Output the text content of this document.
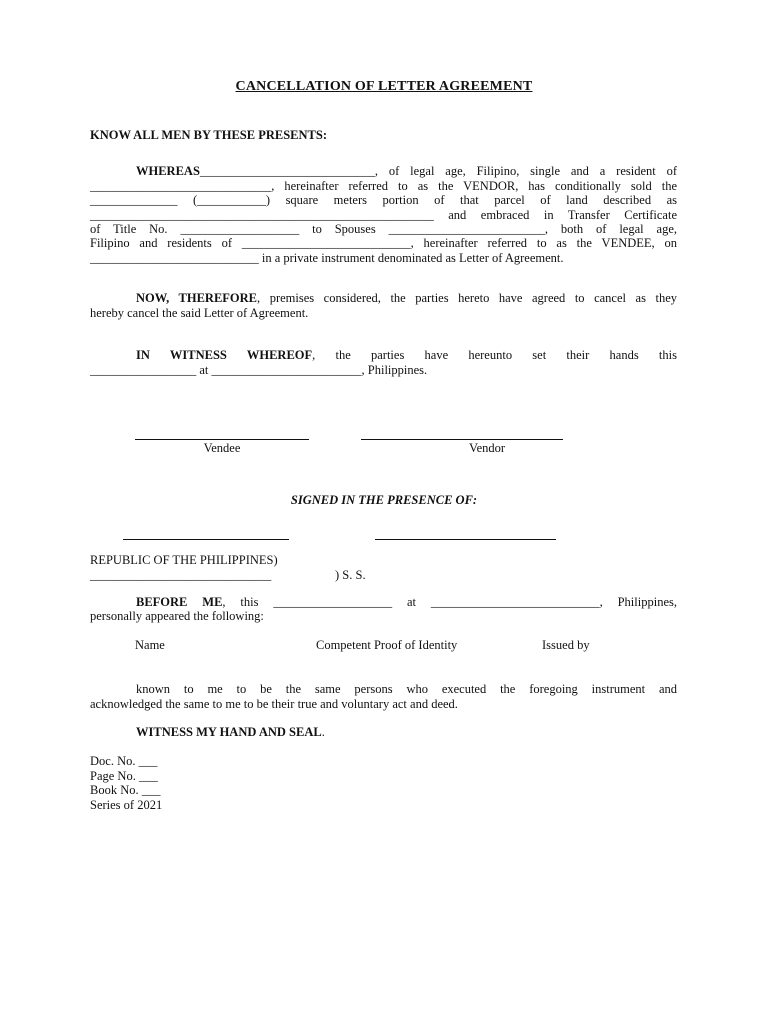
CANCELLATION OF LETTER AGREEMENT
KNOW ALL MEN BY THESE PRESENTS:
WHEREAS____________________________, of legal age, Filipino, single and a resident of
_____________________________, hereinafter referred to as the VENDOR, has conditionally sold the
______________ (___________) square meters portion of that parcel of land described as
_______________________________________________________ and embraced in Transfer Certificate
of Title No. ___________________ to Spouses _________________________, both of legal age,
Filipino and residents of ___________________________, hereinafter referred to as the VENDEE, on
___________________________ in a private instrument denominated as Letter of Agreement.
NOW, THEREFORE, premises considered, the parties hereto have agreed to cancel as they
hereby cancel the said Letter of Agreement.
IN WITNESS WHEREOF, the parties have hereunto set their hands this
_________________ at ________________________, Philippines.
Vendee	Vendor
SIGNED IN THE PRESENCE OF:
REPUBLIC OF THE PHILIPPINES)
_____________________________	) S. S.
BEFORE ME, this ___________________ at ___________________________, Philippines,
personally appeared the following:
Name	Competent Proof of Identity	Issued by
known to me to be the same persons who executed the foregoing instrument and
acknowledged the same to me to be their true and voluntary act and deed.
WITNESS MY HAND AND SEAL.
Doc. No. ___
Page No. ___
Book No. ___
Series of 2021
